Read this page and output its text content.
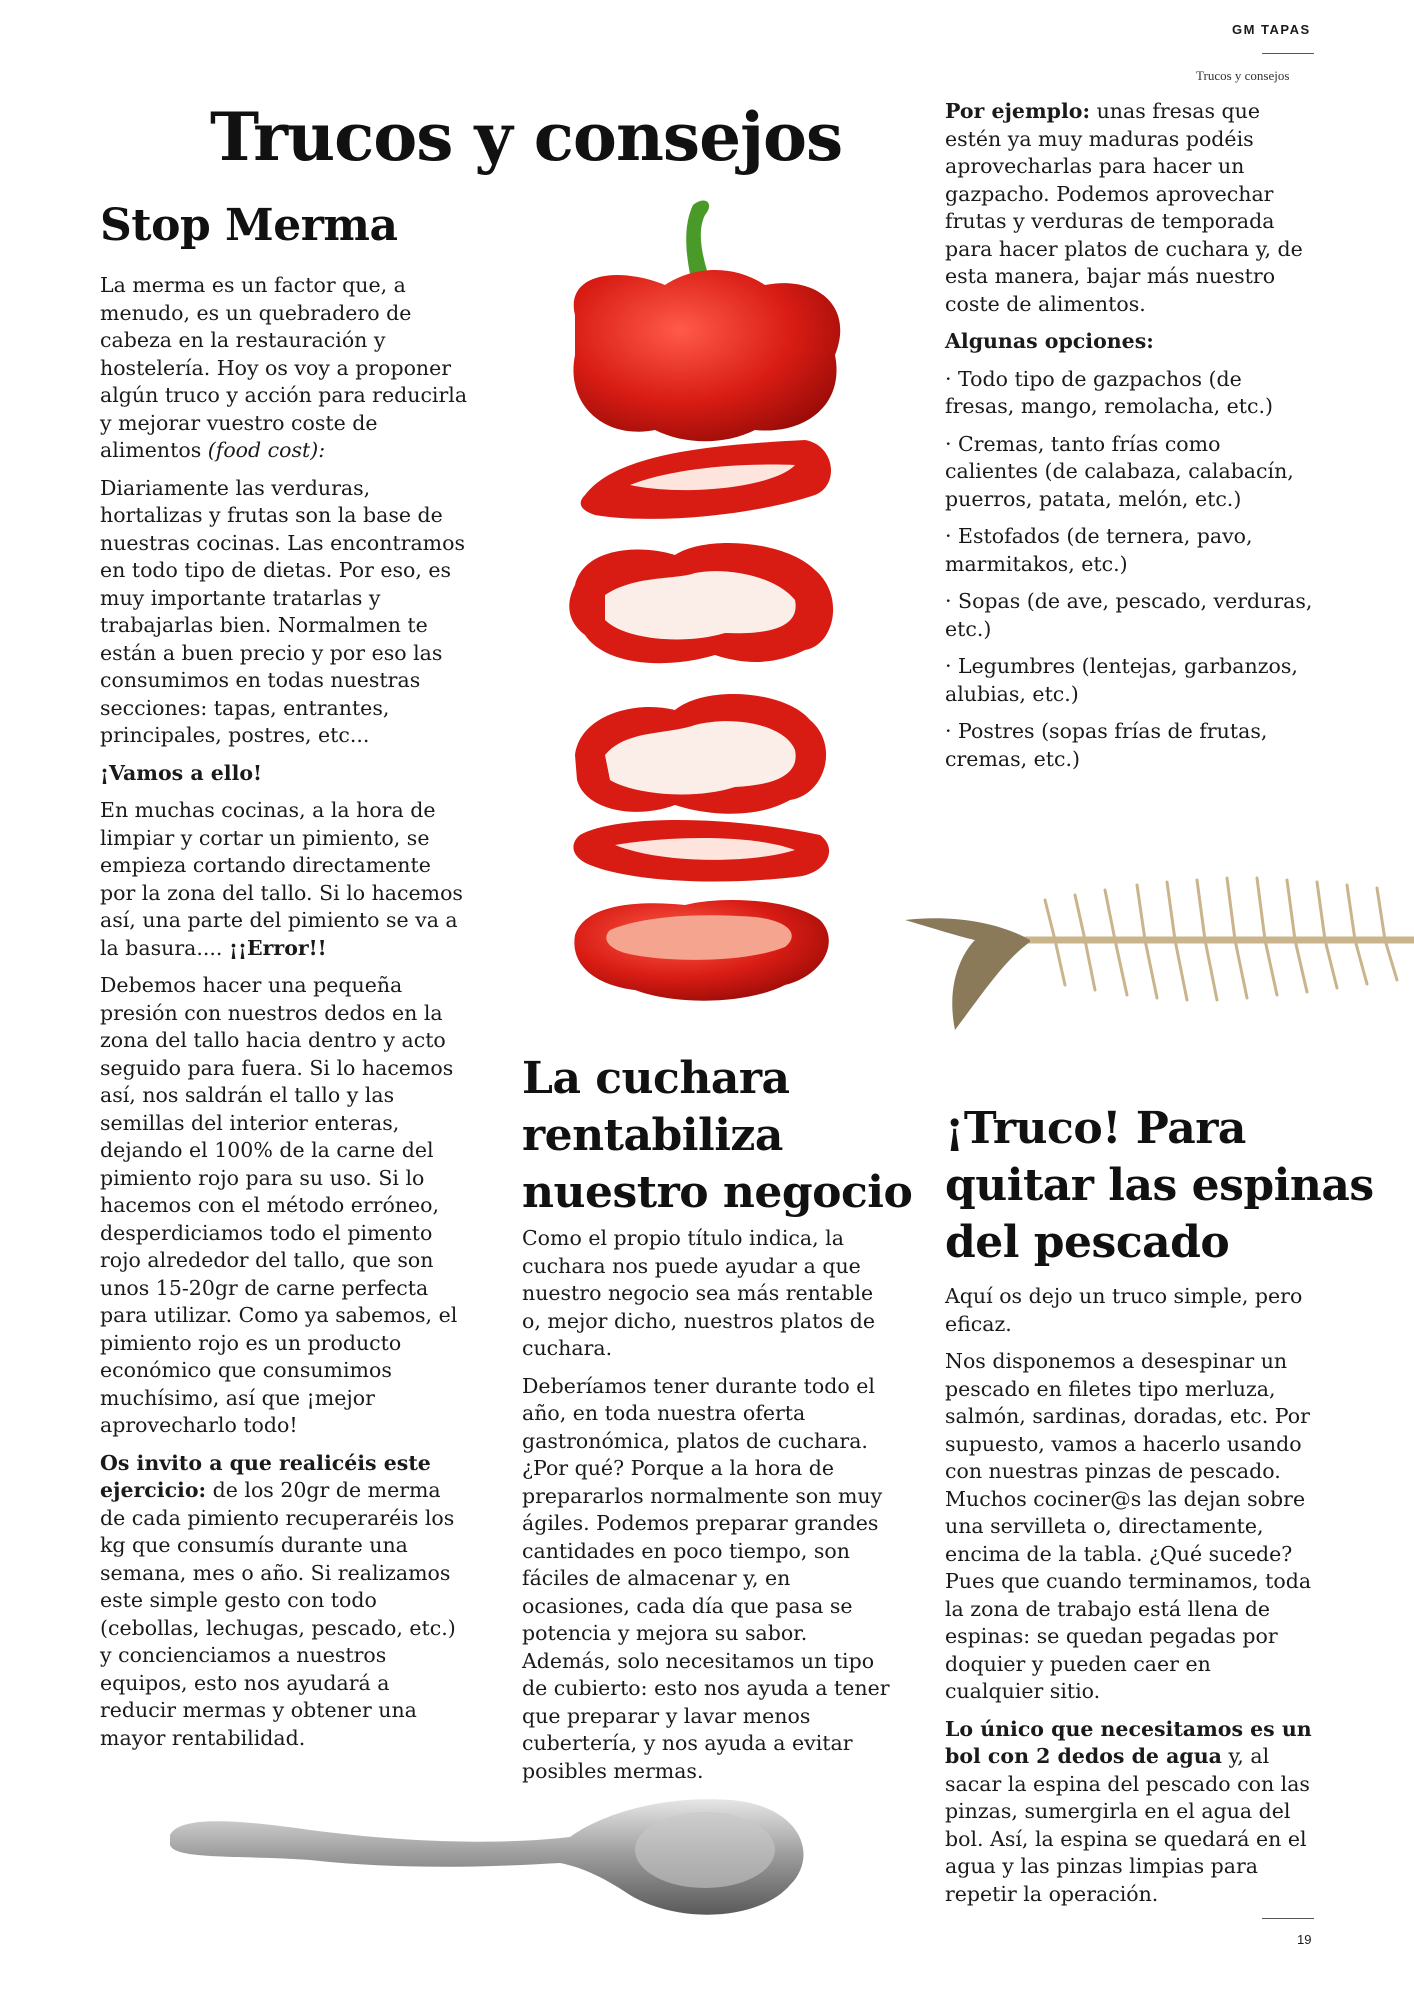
GM TAPAS
Trucos y consejos
Trucos y consejos
Stop Merma

La merma es un factor que, a menudo, es un quebradero de cabeza en la restauración y hostelería. Hoy os voy a proponer algún truco y acción para reducirla y mejorar vuestro coste de alimentos (food cost):

Diariamente las verduras, hortalizas y frutas son la base de nuestras cocinas. Las encontramos en todo tipo de dietas. Por eso, es muy importante tratarlas y trabajarlas bien. Normalmen te están a buen precio y por eso las consumimos en todas nuestras secciones: tapas, entrantes, principales, postres, etc...

¡Vamos a ello!

En muchas cocinas, a la hora de limpiar y cortar un pimiento, se empieza cortando directamente por la zona del tallo. Si lo hacemos así, una parte del pimiento se va a la basura.... ¡¡Error!!

Debemos hacer una pequeña presión con nuestros dedos en la zona del tallo hacia dentro y acto seguido para fuera. Si lo hacemos así, nos saldrán el tallo y las semillas del interior enteras, dejando el 100% de la carne del pimiento rojo para su uso. Si lo hacemos con el método erróneo, desperdiciamos todo el pimento rojo alrededor del tallo, que son unos 15-20gr de carne perfecta para utilizar. Como ya sabemos, el pimiento rojo es un producto económico que consumimos muchísimo, así que ¡mejor aprovecharlo todo!

Os invito a que realicéis este ejercicio: de los 20gr de merma de cada pimiento recuperaréis los kg que consumís durante una semana, mes o año. Si realizamos este simple gesto con todo (cebollas, lechugas, pescado, etc.) y concienciamos a nuestros equipos, esto nos ayudará a reducir mermas y obtener una mayor rentabilidad.

La cuchara
rentabiliza
nuestro negocio

Como el propio título indica, la cuchara nos puede ayudar a que nuestro negocio sea más rentable o, mejor dicho, nuestros platos de cuchara.

Deberíamos tener durante todo el año, en toda nuestra oferta gastronómica, platos de cuchara. ¿Por qué? Porque a la hora de prepararlos normalmente son muy ágiles. Podemos preparar grandes cantidades en poco tiempo, son fáciles de almacenar y, en ocasiones, cada día que pasa se potencia y mejora su sabor. Además, solo necesitamos un tipo de cubierto: esto nos ayuda a tener que preparar y lavar menos cubertería, y nos ayuda a evitar posibles mermas.

Por ejemplo: unas fresas que estén ya muy maduras podéis aprovecharlas para hacer un gazpacho. Podemos aprovechar frutas y verduras de temporada para hacer platos de cuchara y, de esta manera, bajar más nuestro coste de alimentos.

Algunas opciones:

· Todo tipo de gazpachos (de fresas, mango, remolacha, etc.)

· Cremas, tanto frías como calientes (de calabaza, calabacín, puerros, patata, melón, etc.)

· Estofados (de ternera, pavo, marmitakos, etc.)

· Sopas (de ave, pescado, verduras, etc.)

· Legumbres (lentejas, garbanzos, alubias, etc.)

· Postres (sopas frías de frutas, cremas, etc.)

¡Truco! Para
quitar las espinas
del pescado

Aquí os dejo un truco simple, pero eficaz.

Nos disponemos a desespinar un pescado en filetes tipo merluza, salmón, sardinas, doradas, etc. Por supuesto, vamos a hacerlo usando con nuestras pinzas de pescado. Muchos cociner@s las dejan sobre una servilleta o, directamente, encima de la tabla. ¿Qué sucede? Pues que cuando terminamos, toda la zona de trabajo está llena de espinas: se quedan pegadas por doquier y pueden caer en cualquier sitio.

Lo único que necesitamos es un bol con 2 dedos de agua y, al sacar la espina del pescado con las pinzas, sumergirla en el agua del bol. Así, la espina se quedará en el agua y las pinzas limpias para repetir la operación.

19
